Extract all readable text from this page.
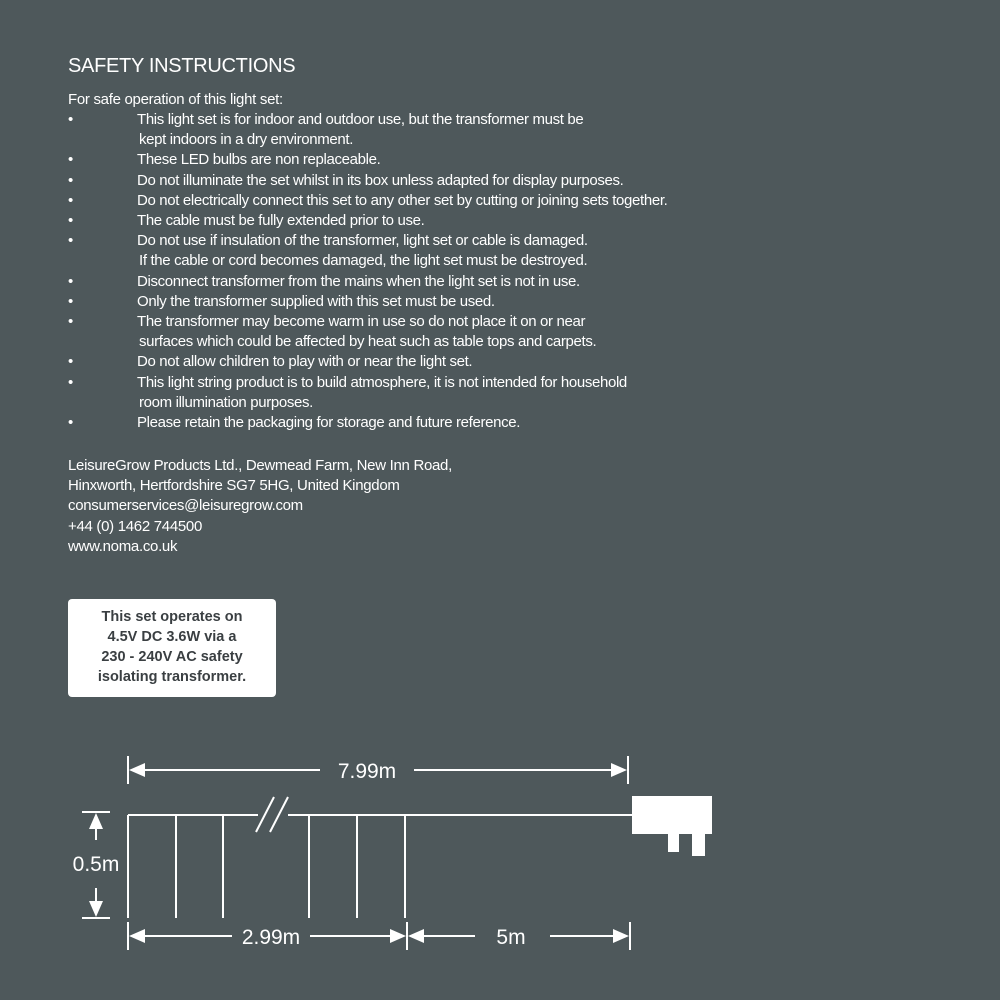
SAFETY INSTRUCTIONS
For safe operation of this light set:
•	This light set is for indoor and outdoor use, but the transformer must be
kept indoors in a dry environment.
•	These LED bulbs are non replaceable.
•	Do not illuminate the set whilst in its box unless adapted for display purposes.
•	Do not electrically connect this set to any other set by cutting or joining sets together.
•	The cable must be fully extended prior to use.
•	Do not use if insulation of the transformer, light set or cable is damaged.
If the cable or cord becomes damaged, the light set must be destroyed.
•	Disconnect transformer from the mains when the light set is not in use.
•	Only the transformer supplied with this set must be used.
•	The transformer may become warm in use so do not place it on or near
surfaces which could be affected by heat such as table tops and carpets.
•	Do not allow children to play with or near the light set.
•	This light string product is to build atmosphere, it is not intended for household
room illumination purposes.
•	Please retain the packaging for storage and future reference.
LeisureGrow Products Ltd., Dewmead Farm, New Inn Road,
Hinxworth, Hertfordshire SG7 5HG, United Kingdom
consumerservices@leisuregrow.com
+44 (0) 1462 744500
www.noma.co.uk
This set operates on
4.5V DC 3.6W via a
230 - 240V AC safety
isolating transformer.
7.99m
0.5m
2.99m	5m
